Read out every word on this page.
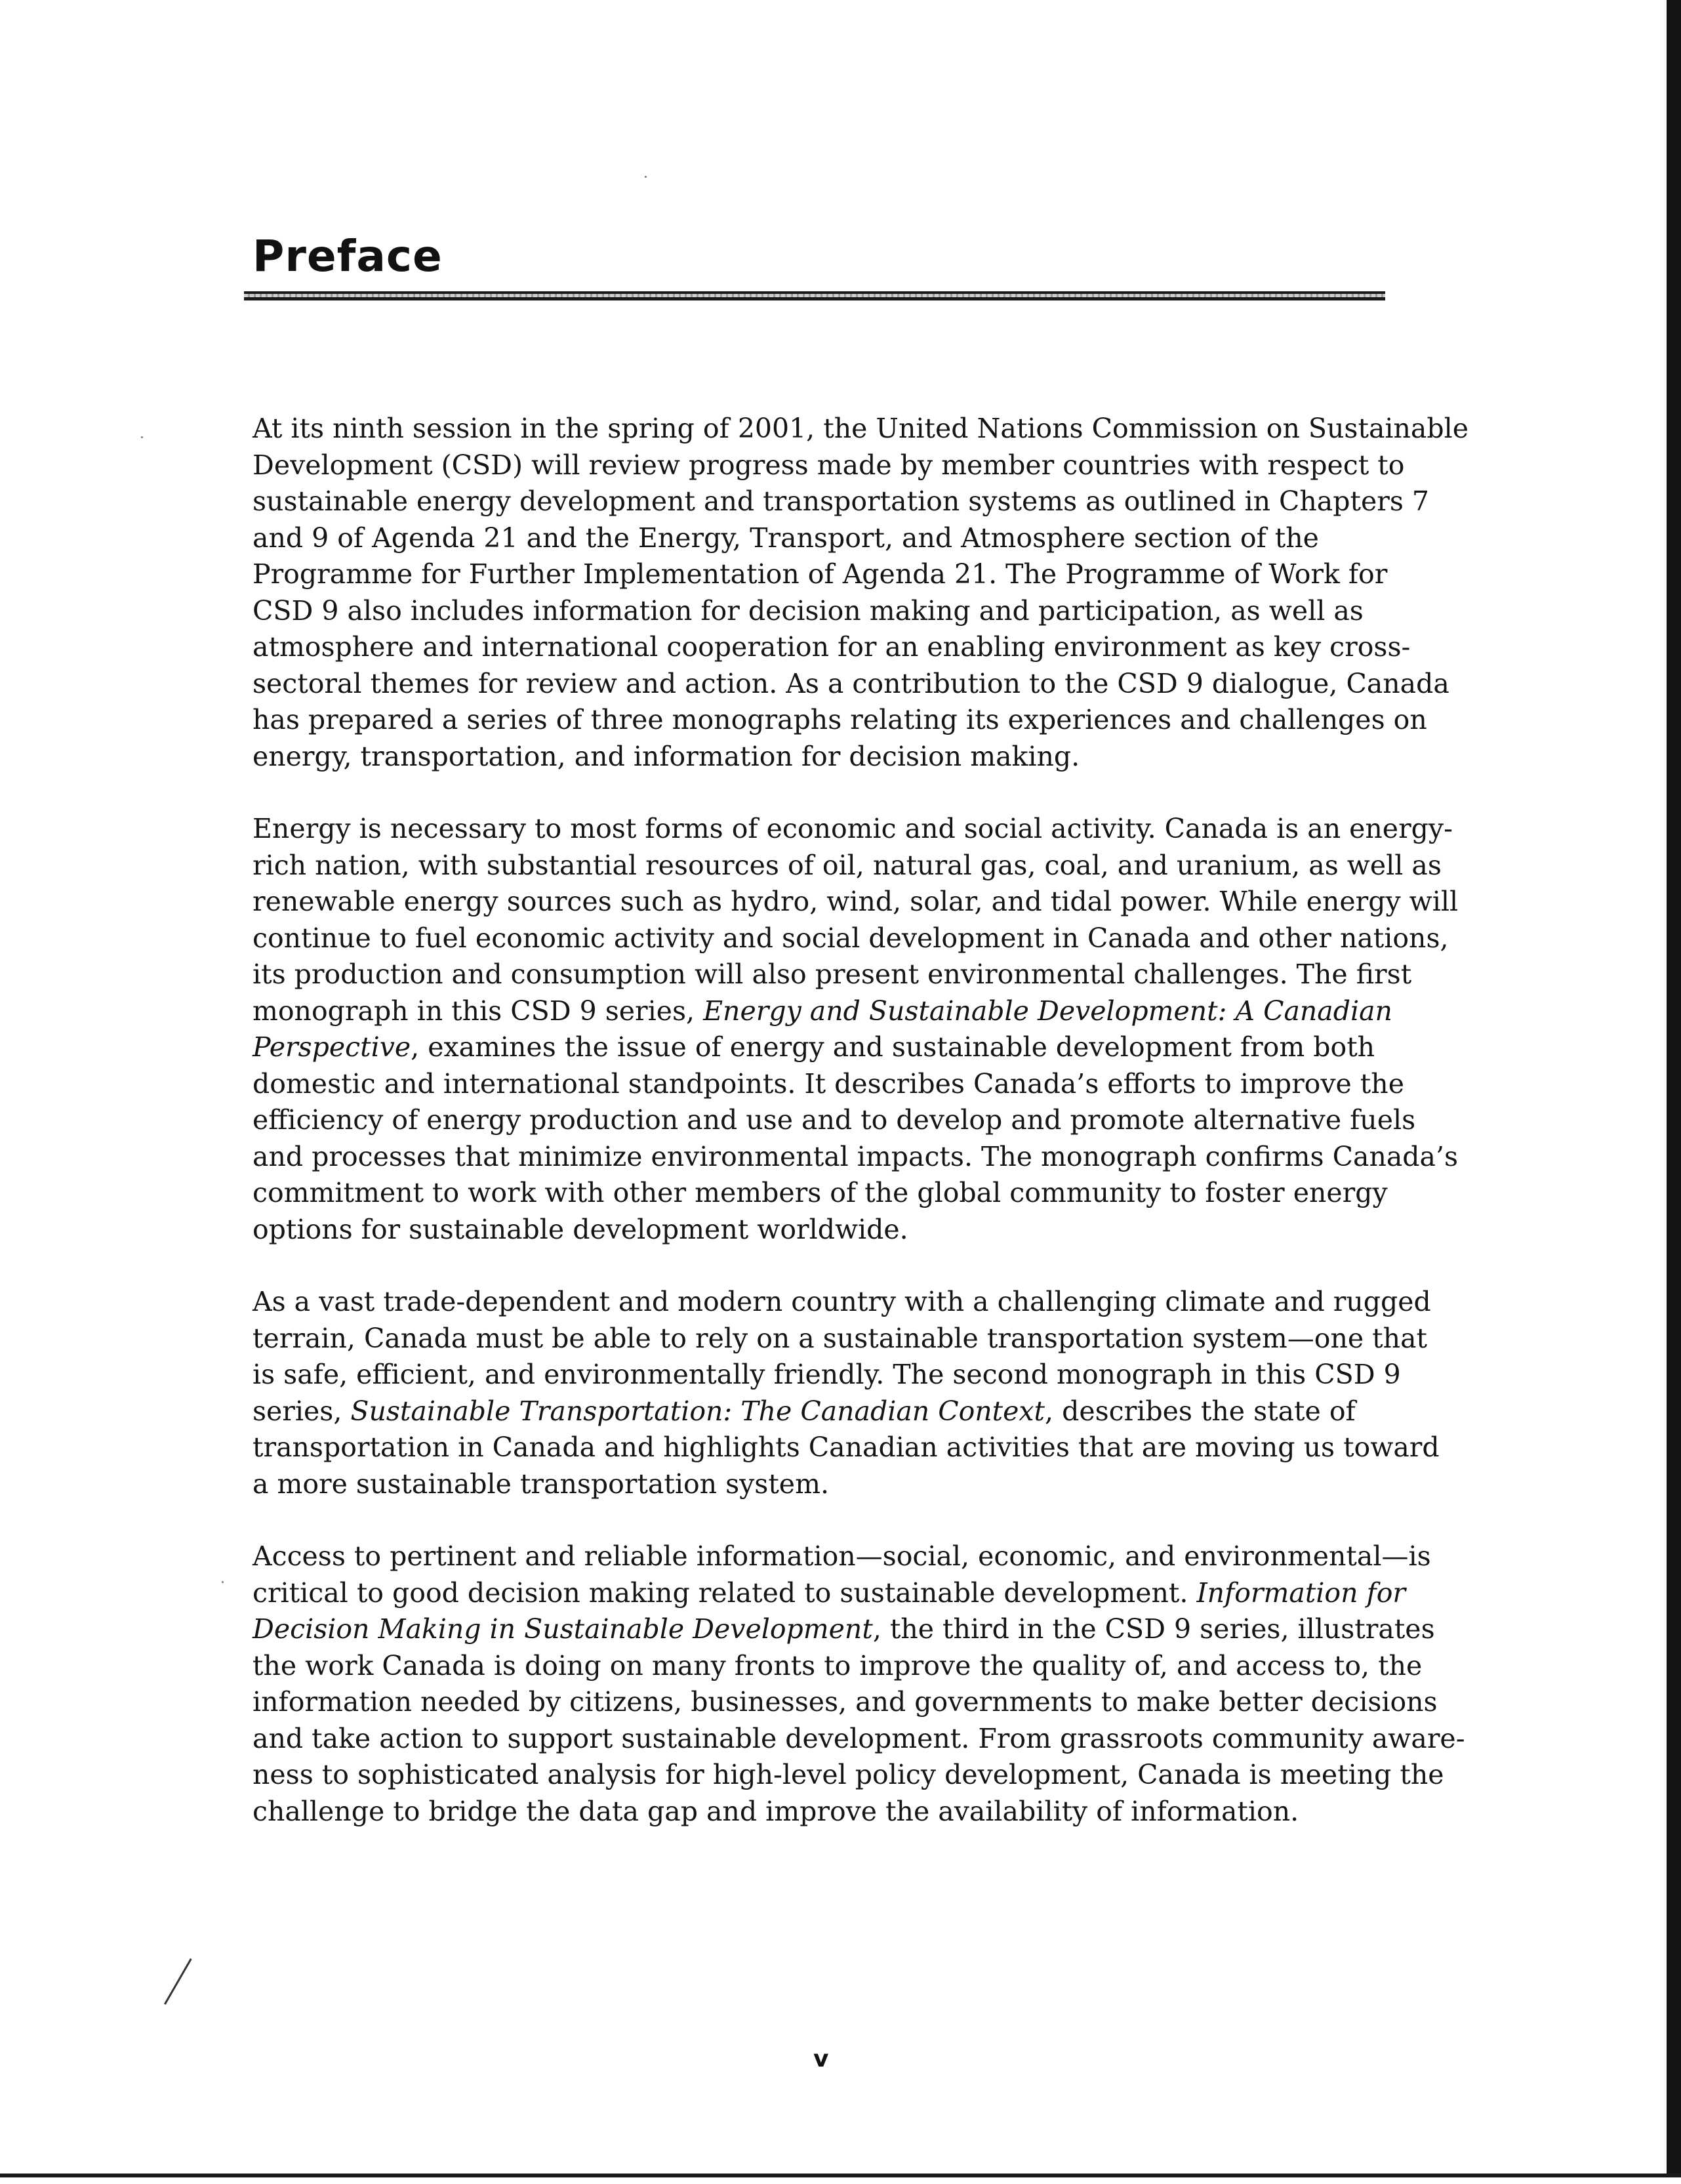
Preface

At its ninth session in the spring of 2001, the United Nations Commission on Sustainable
Development (CSD) will review progress made by member countries with respect to
sustainable energy development and transportation systems as outlined in Chapters 7
and 9 of Agenda 21 and the Energy, Transport, and Atmosphere section of the
Programme for Further Implementation of Agenda 21. The Programme of Work for
CSD 9 also includes information for decision making and participation, as well as
atmosphere and international cooperation for an enabling environment as key cross-
sectoral themes for review and action. As a contribution to the CSD 9 dialogue, Canada
has prepared a series of three monographs relating its experiences and challenges on
energy, transportation, and information for decision making.

Energy is necessary to most forms of economic and social activity. Canada is an energy-
rich nation, with substantial resources of oil, natural gas, coal, and uranium, as well as
renewable energy sources such as hydro, wind, solar, and tidal power. While energy will
continue to fuel economic activity and social development in Canada and other nations,
its production and consumption will also present environmental challenges. The first
monograph in this CSD 9 series, Energy and Sustainable Development: A Canadian
Perspective, examines the issue of energy and sustainable development from both
domestic and international standpoints. It describes Canada’s efforts to improve the
efficiency of energy production and use and to develop and promote alternative fuels
and processes that minimize environmental impacts. The monograph confirms Canada’s
commitment to work with other members of the global community to foster energy
options for sustainable development worldwide.

As a vast trade-dependent and modern country with a challenging climate and rugged
terrain, Canada must be able to rely on a sustainable transportation system—one that
is safe, efficient, and environmentally friendly. The second monograph in this CSD 9
series, Sustainable Transportation: The Canadian Context, describes the state of
transportation in Canada and highlights Canadian activities that are moving us toward
a more sustainable transportation system.

Access to pertinent and reliable information—social, economic, and environmental—is
critical to good decision making related to sustainable development. Information for
Decision Making in Sustainable Development, the third in the CSD 9 series, illustrates
the work Canada is doing on many fronts to improve the quality of, and access to, the
information needed by citizens, businesses, and governments to make better decisions
and take action to support sustainable development. From grassroots community aware-
ness to sophisticated analysis for high-level policy development, Canada is meeting the
challenge to bridge the data gap and improve the availability of information.

v
